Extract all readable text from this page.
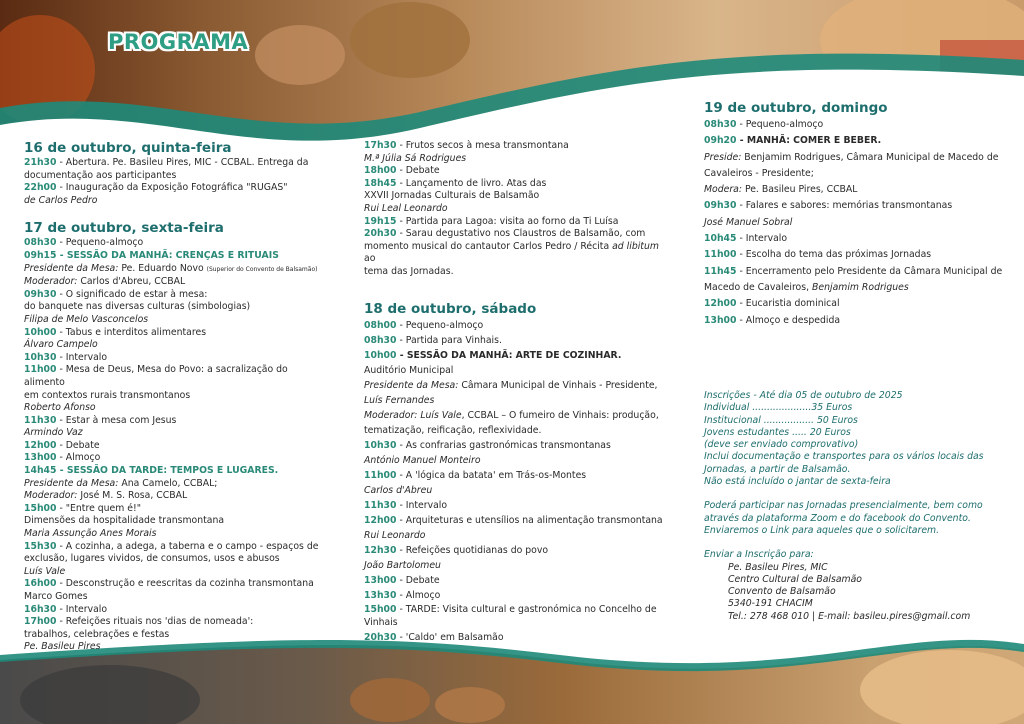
PROGRAMA
16 de outubro, quinta-feira
21h30 - Abertura. Pe. Basileu Pires, MIC - CCBAL. Entrega da
documentação aos participantes
22h00 - Inauguração da Exposição Fotográfica "RUGAS"
de Carlos Pedro
17 de outubro, sexta-feira
08h30 - Pequeno-almoço
09h15 - SESSÃO DA MANHÃ: CRENÇAS E RITUAIS
Presidente da Mesa: Pe. Eduardo Novo (Superior do Convento de Balsamão)
Moderador: Carlos d'Abreu, CCBAL
09h30 - O significado de estar à mesa:
do banquete nas diversas culturas (simbologias)
Filipa de Melo Vasconcelos
10h00 - Tabus e interditos alimentares
Álvaro Campelo
10h30 - Intervalo
11h00 - Mesa de Deus, Mesa do Povo: a sacralização do alimento
em contextos rurais transmontanos
Roberto Afonso
11h30 - Estar à mesa com Jesus
Armindo Vaz
12h00 - Debate
13h00 - Almoço
14h45 - SESSÃO DA TARDE: TEMPOS E LUGARES.
Presidente da Mesa: Ana Camelo, CCBAL;
Moderador: José M. S. Rosa, CCBAL
15h00 - "Entre quem é!"
Dimensões da hospitalidade transmontana
Maria Assunção Anes Morais
15h30 - A cozinha, a adega, a taberna e o campo - espaços de
exclusão, lugares vividos, de consumos, usos e abusos
Luís Vale
16h00 - Desconstrução e reescritas da cozinha transmontana
Marco Gomes
16h30 - Intervalo
17h00 - Refeições rituais nos 'dias de nomeada':
trabalhos, celebrações e festas
Pe. Basileu Pires
17h30 - Frutos secos à mesa transmontana
M.ª Júlia Sá Rodrigues
18h00 - Debate
18h45 - Lançamento de livro. Atas das
XXVII Jornadas Culturais de Balsamão
Rui Leal Leonardo
19h15 - Partida para Lagoa: visita ao forno da Ti Luísa
20h30 - Sarau degustativo nos Claustros de Balsamão, com
momento musical do cantautor Carlos Pedro / Récita ad libitum ao
tema das Jornadas.
18 de outubro, sábado
08h00 - Pequeno-almoço
08h30 - Partida para Vinhais.
10h00 - SESSÃO DA MANHÃ: ARTE DE COZINHAR.
Auditório Municipal
Presidente da Mesa: Câmara Municipal de Vinhais - Presidente,
Luís Fernandes
Moderador: Luís Vale, CCBAL – O fumeiro de Vinhais: produção,
tematização, reificação, reflexividade.
10h30 - As confrarias gastronómicas transmontanas
António Manuel Monteiro
11h00 - A 'lógica da batata' em Trás-os-Montes
Carlos d'Abreu
11h30 - Intervalo
12h00 - Arquiteturas e utensílios na alimentação transmontana
Rui Leonardo
12h30 - Refeições quotidianas do povo
João Bartolomeu
13h00 - Debate
13h30 - Almoço
15h00 - TARDE: Visita cultural e gastronómica no Concelho de
Vinhais
20h30 - 'Caldo' em Balsamão
19 de outubro, domingo
08h30 - Pequeno-almoço
09h20 - MANHÃ: COMER E BEBER.
Preside: Benjamim Rodrigues, Câmara Municipal de Macedo de
Cavaleiros - Presidente;
Modera: Pe. Basileu Pires, CCBAL
09h30 - Falares e sabores: memórias transmontanas
José Manuel Sobral
10h45 - Intervalo
11h00 - Escolha do tema das próximas Jornadas
11h45 - Encerramento pelo Presidente da Câmara Municipal de
Macedo de Cavaleiros, Benjamim Rodrigues
12h00 - Eucaristia dominical
13h00 - Almoço e despedida
Inscrições - Até dia 05 de outubro de 2025
Individual ....................35 Euros
Institucional ................. 50 Euros
Jovens estudantes ..... 20 Euros
(deve ser enviado comprovativo)
Inclui documentação e transportes para os vários locais das
Jornadas, a partir de Balsamão.
Não está incluído o jantar de sexta-feira
Poderá participar nas Jornadas presencialmente, bem como
através da plataforma Zoom e do facebook do Convento.
Enviaremos o Link para aqueles que o solicitarem.
Enviar a Inscrição para:
Pe. Basileu Pires, MIC
Centro Cultural de Balsamão
Convento de Balsamão
5340-191 CHACIM
Tel.: 278 468 010 | E-mail: basileu.pires@gmail.com
